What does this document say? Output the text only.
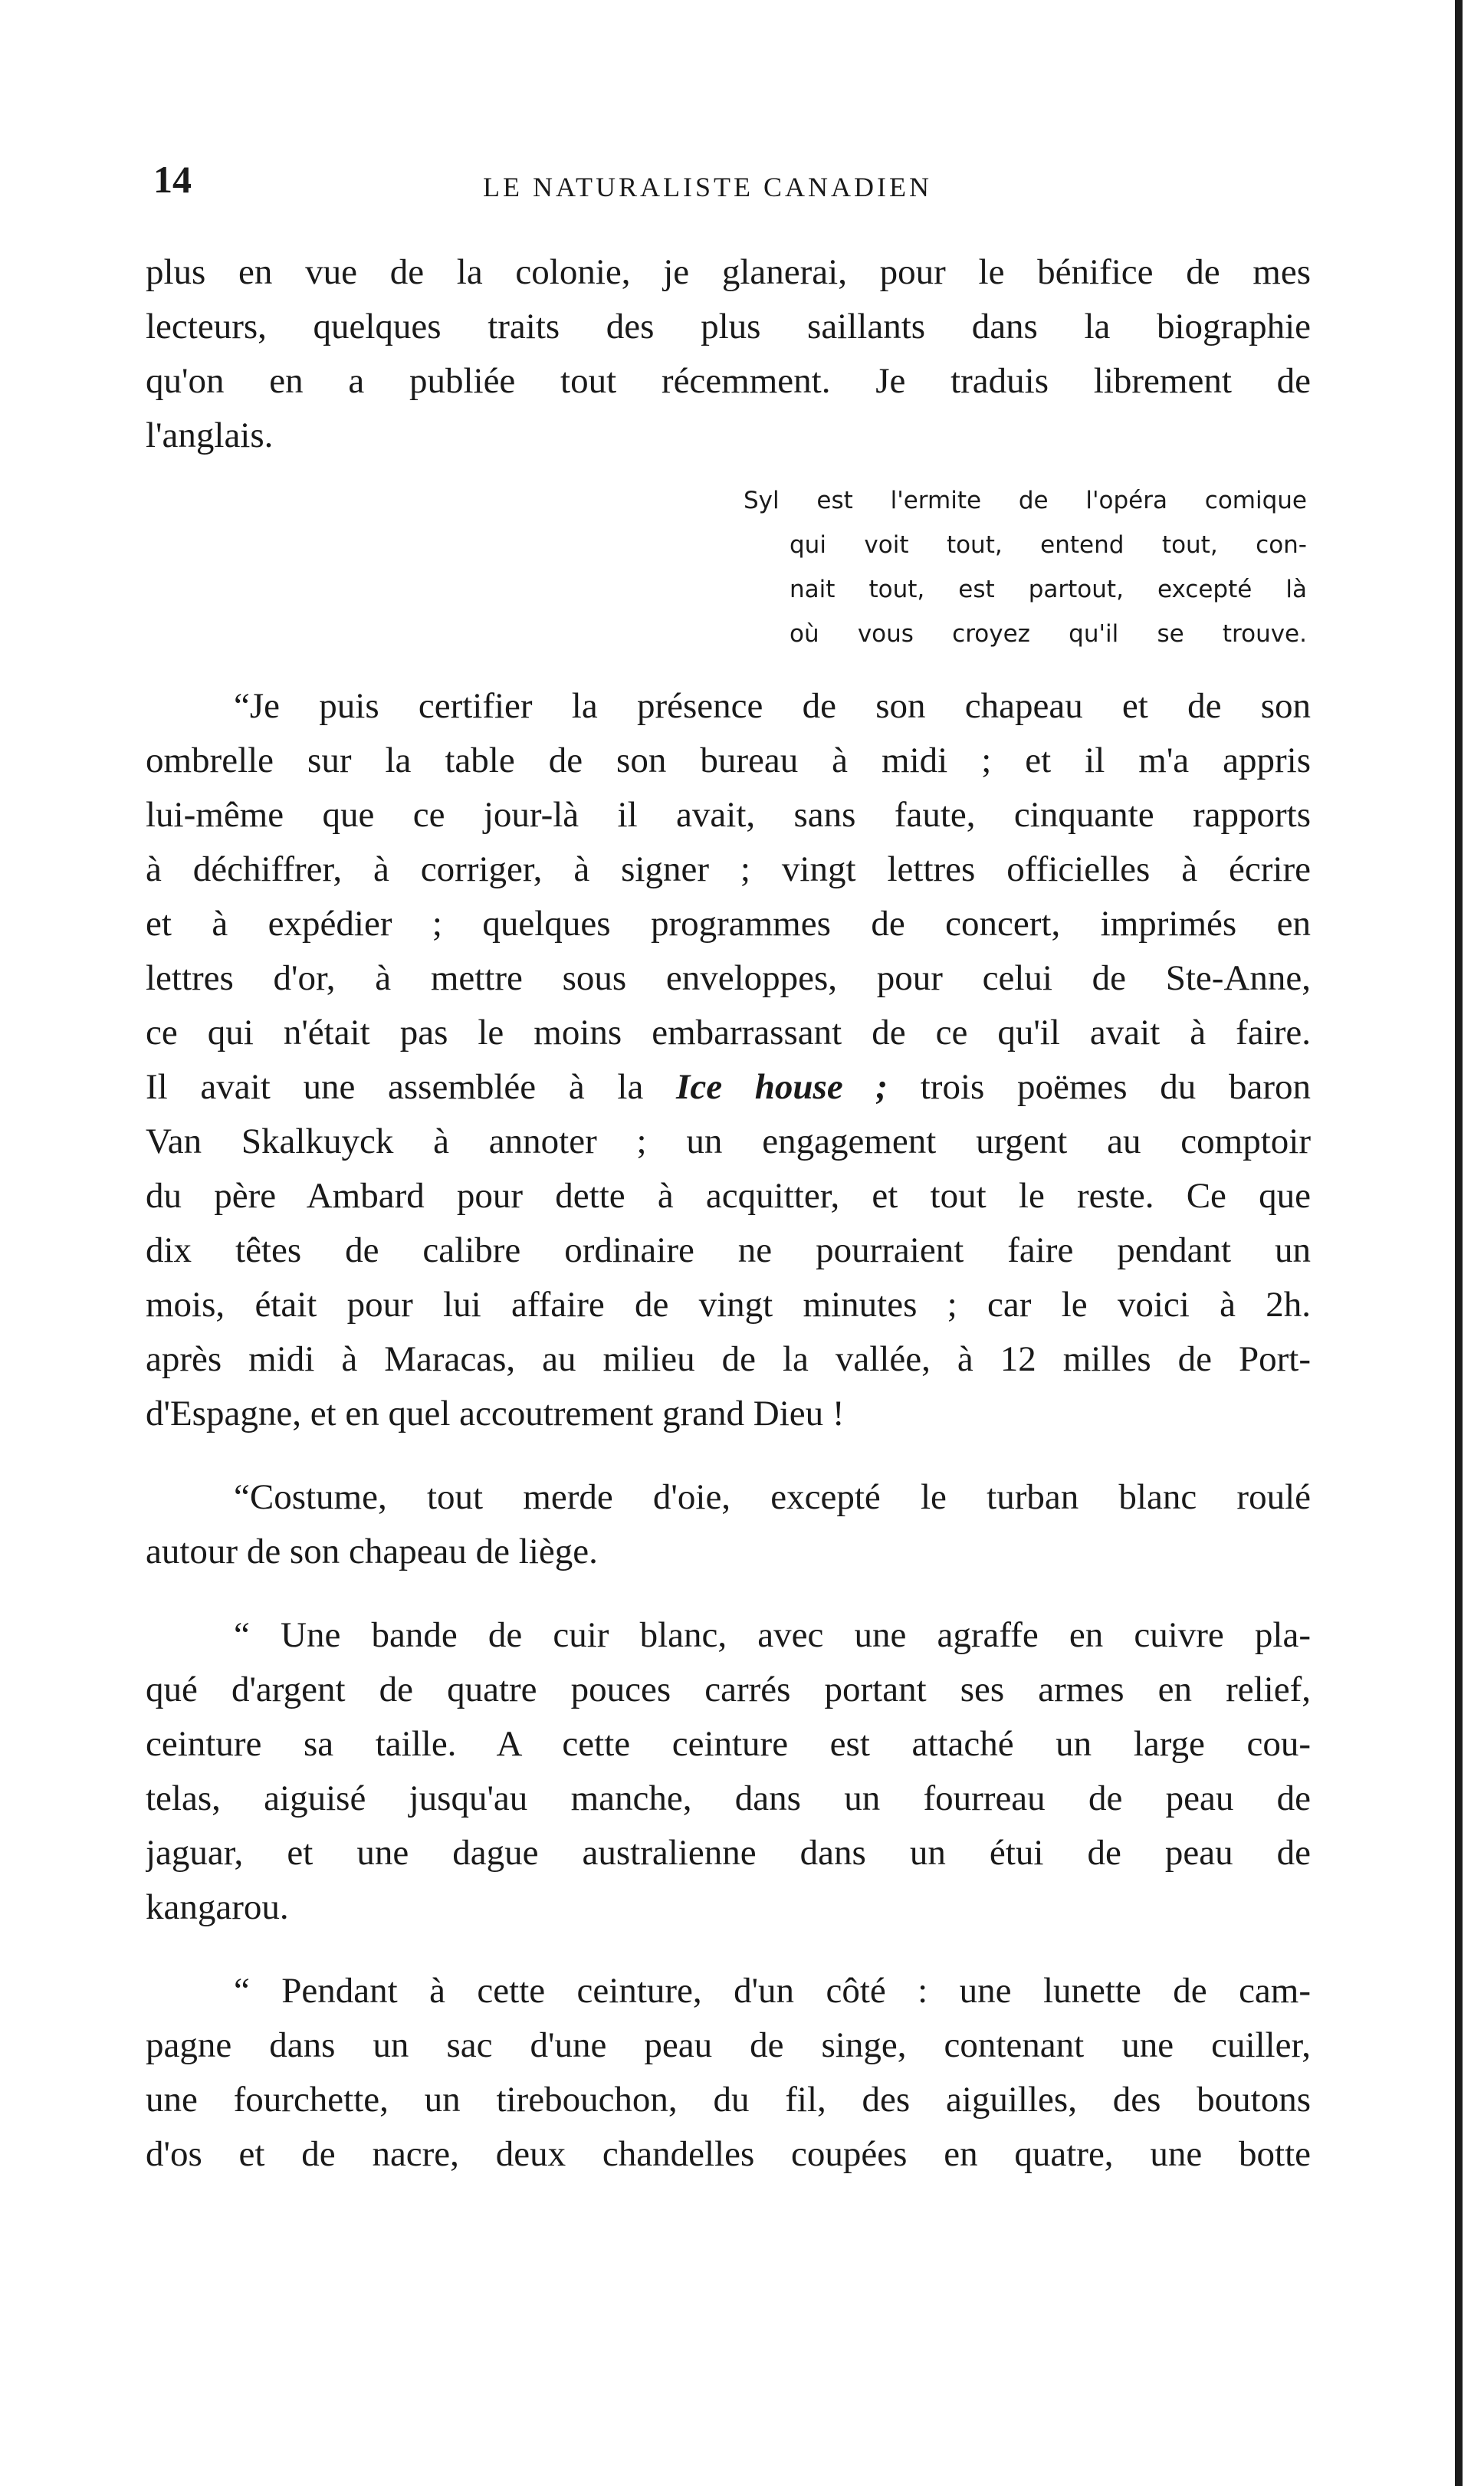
14	LE NATURALISTE CANADIEN
plus en vue de la colonie, je glanerai, pour le bénifice de mes
lecteurs, quelques traits des plus saillants dans la biographie
qu'on en a publiée tout récemment. Je traduis librement de
l'anglais.
Syl est l'ermite de l'opéra comique
qui voit tout, entend tout, con-
nait tout, est partout, excepté là
où vous croyez qu'il se trouve.
“Je puis certifier la présence de son chapeau et de son
ombrelle sur la table de son bureau à midi ; et il m'a appris
lui-même que ce jour-là il avait, sans faute, cinquante rapports
à déchiffrer, à corriger, à signer ; vingt lettres officielles à écrire
et à expédier ; quelques programmes de concert, imprimés en
lettres d'or, à mettre sous enveloppes, pour celui de Ste-Anne,
ce qui n'était pas le moins embarrassant de ce qu'il avait à faire.
Il avait une assemblée à la Ice house ; trois poëmes du baron
Van Skalkuyck à annoter ; un engagement urgent au comptoir
du père Ambard pour dette à acquitter, et tout le reste. Ce que
dix têtes de calibre ordinaire ne pourraient faire pendant un
mois, était pour lui affaire de vingt minutes ; car le voici à 2h.
après midi à Maracas, au milieu de la vallée, à 12 milles de Port-
d'Espagne, et en quel accoutrement grand Dieu !
“Costume, tout merde d'oie, excepté le turban blanc roulé
autour de son chapeau de liège.
“ Une bande de cuir blanc, avec une agraffe en cuivre pla-
qué d'argent de quatre pouces carrés portant ses armes en relief,
ceinture sa taille. A cette ceinture est attaché un large cou-
telas, aiguisé jusqu'au manche, dans un fourreau de peau de
jaguar, et une dague australienne dans un étui de peau de
kangarou.
“ Pendant à cette ceinture, d'un côté : une lunette de cam-
pagne dans un sac d'une peau de singe, contenant une cuiller,
une fourchette, un tirebouchon, du fil, des aiguilles, des boutons
d'os et de nacre, deux chandelles coupées en quatre, une botte
